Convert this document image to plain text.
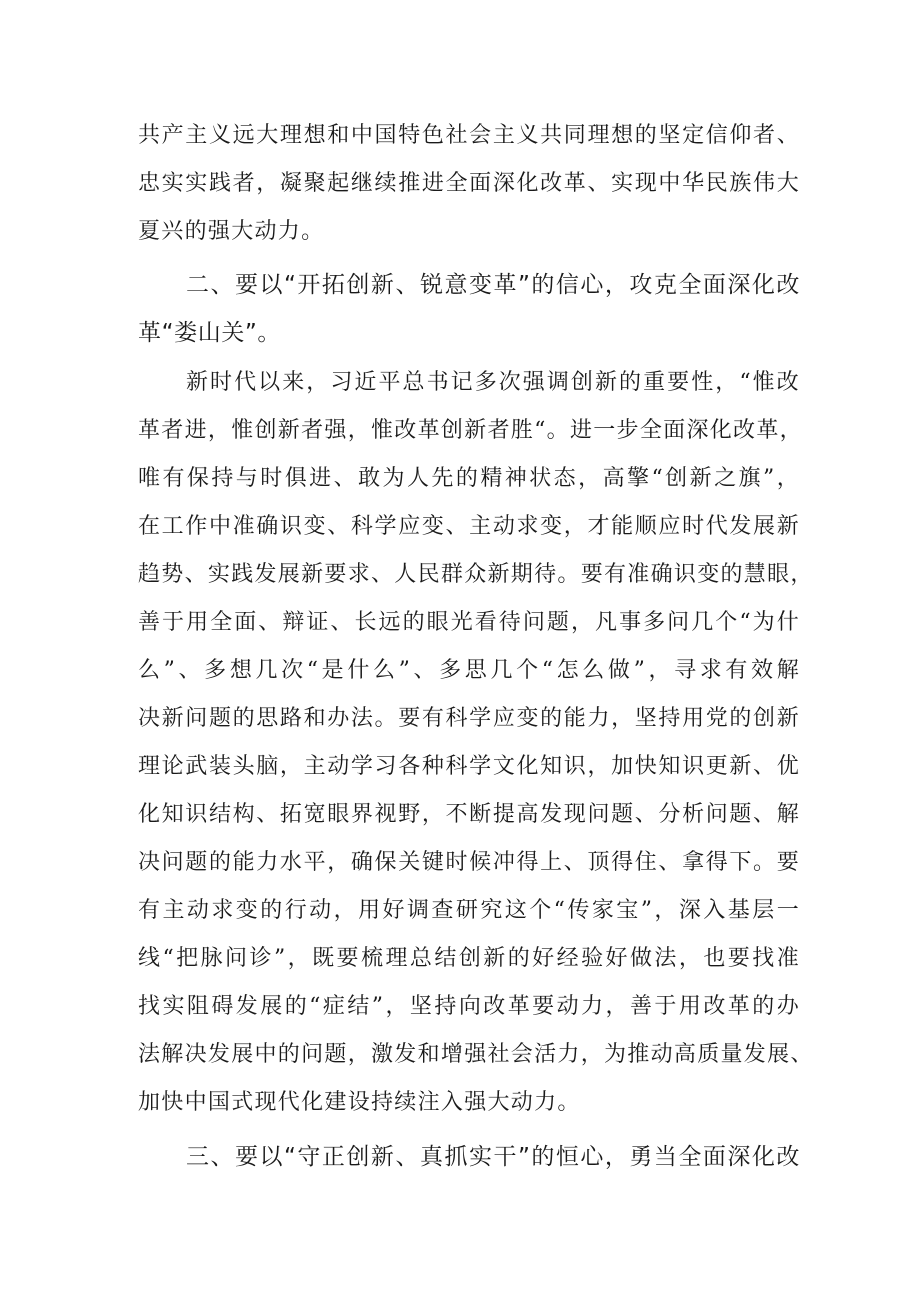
共产主义远大理想和中国特色社会主义共同理想的坚定信仰者、
忠实实践者，凝聚起继续推进全面深化改革、实现中华民族伟大
夏兴的强大动力。
二、要以“开拓创新、锐意变革”的信心，攻克全面深化改
革“娄山关”。
新时代以来，习近平总书记多次强调创新的重要性，“惟改
革者进，惟创新者强，惟改革创新者胜“。进一步全面深化改革，
唯有保持与时俱进、敢为人先的精神状态，高擎“创新之旗”，
在工作中准确识变、科学应变、主动求变，才能顺应时代发展新
趋势、实践发展新要求、人民群众新期待。要有准确识变的慧眼，
善于用全面、辩证、长远的眼光看待问题，凡事多问几个“为什
么”、多想几次“是什么”、多思几个“怎么做”，寻求有效解
决新问题的思路和办法。要有科学应变的能力，坚持用党的创新
理论武装头脑，主动学习各种科学文化知识，加快知识更新、优
化知识结构、拓宽眼界视野，不断提高发现问题、分析问题、解
决问题的能力水平，确保关键时候冲得上、顶得住、拿得下。要
有主动求变的行动，用好调查研究这个“传家宝”，深入基层一
线“把脉问诊”，既要梳理总结创新的好经验好做法，也要找准
找实阻碍发展的“症结”，坚持向改革要动力，善于用改革的办
法解决发展中的问题，激发和增强社会活力，为推动高质量发展、
加快中国式现代化建设持续注入强大动力。
三、要以“守正创新、真抓实干”的恒心，勇当全面深化改
